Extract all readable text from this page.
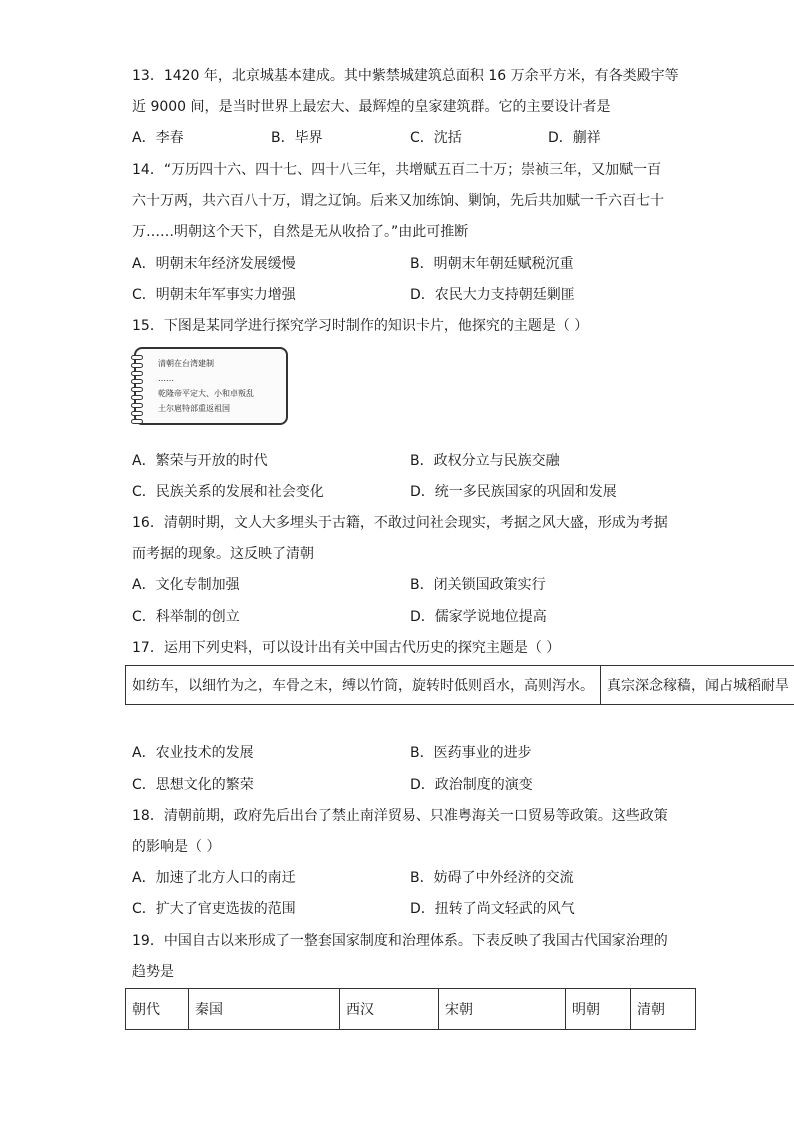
13．1420 年，北京城基本建成。其中紫禁城建筑总面积 16 万余平方米，有各类殿宇等
近 9000 间，是当时世界上最宏大、最辉煌的皇家建筑群。它的主要设计者是
A．李春	B．毕界	C．沈括	D．蒯祥
14．“万历四十六、四十七、四十八三年，共增赋五百二十万；崇祯三年，又加赋一百
六十万两，共六百八十万，谓之辽饷。后来又加练饷、剿饷，先后共加赋一千六百七十
万……明朝这个天下，自然是无从收拾了。”由此可推断
A．明朝末年经济发展缓慢	B．明朝末年朝廷赋税沉重
C．明朝末年军事实力增强	D．农民大力支持朝廷剿匪
15．下图是某同学进行探究学习时制作的知识卡片，他探究的主题是（ ）
清朝在台湾建制
……
乾隆帝平定大、小和卓叛乱
土尔扈特部重返祖国
A．繁荣与开放的时代	B．政权分立与民族交融
C．民族关系的发展和社会变化	D．统一多民族国家的巩固和发展
16．清朝时期，文人大多埋头于古籍，不敢过问社会现实，考据之风大盛，形成为考据
而考据的现象。这反映了清朝
A．文化专制加强	B．闭关锁国政策实行
C．科举制的创立	D．儒家学说地位提高
17．运用下列史料，可以设计出有关中国古代历史的探究主题是（ ）
如纺车，以细竹为之，车骨之末，缚以竹筒，旋转时低则舀水，高则泻水。	真宗深念稼穑，闻占城稻耐旱
A．农业技术的发展	B．医药事业的进步
C．思想文化的繁荣	D．政治制度的演变
18．清朝前期，政府先后出台了禁止南洋贸易、只准粤海关一口贸易等政策。这些政策
的影响是（ ）
A．加速了北方人口的南迁	B．妨碍了中外经济的交流
C．扩大了官吏选拔的范围	D．扭转了尚文轻武的风气
19．中国自古以来形成了一整套国家制度和治理体系。下表反映了我国古代国家治理的
趋势是
朝代	秦国	西汉	宋朝	明朝	清朝
